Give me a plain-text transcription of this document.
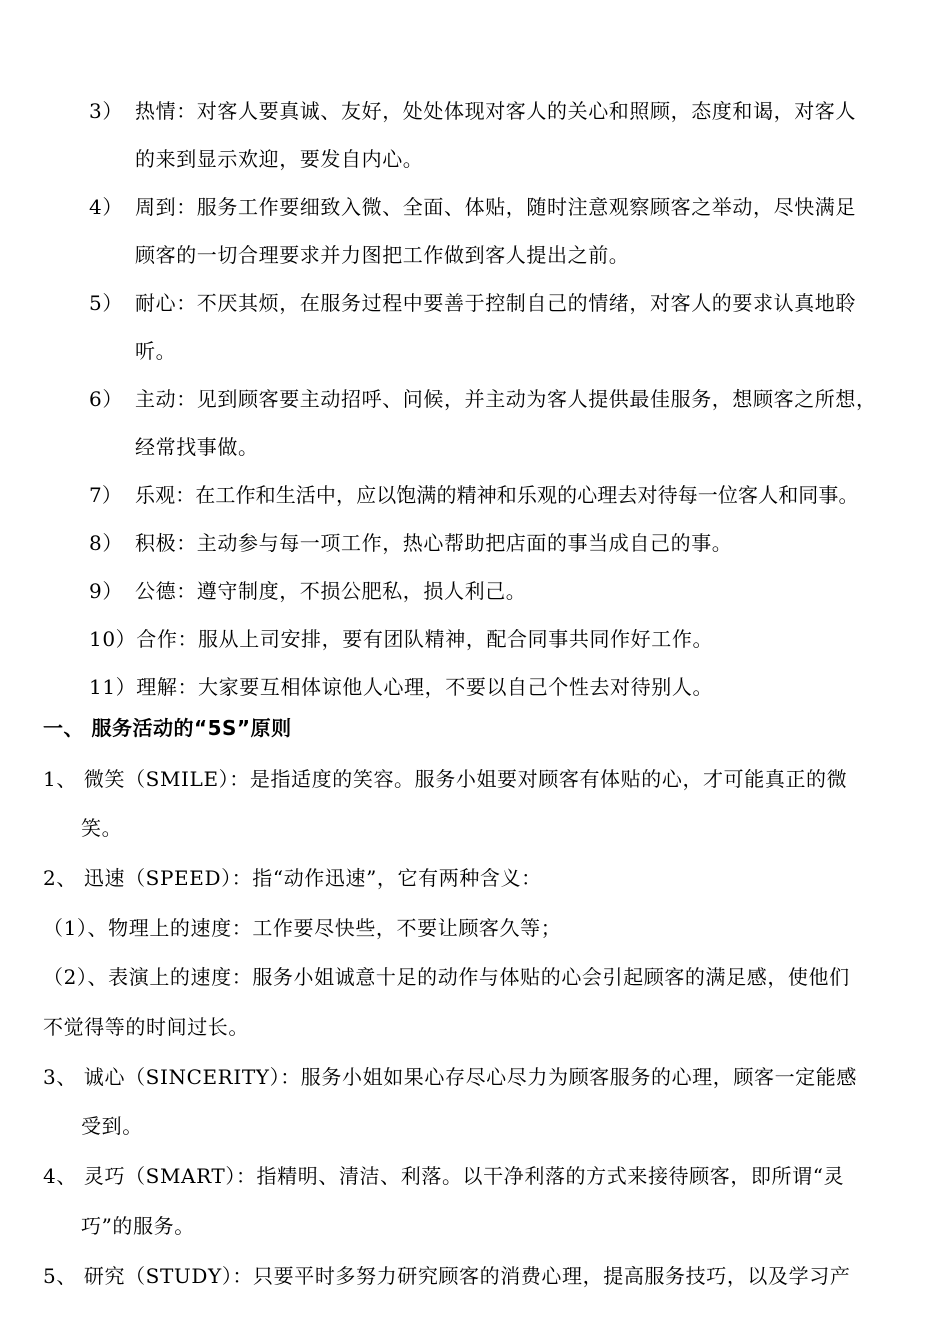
3） 热情：对客人要真诚、友好，处处体现对客人的关心和照顾，态度和谒，对客人
的来到显示欢迎，要发自内心。
4） 周到：服务工作要细致入微、全面、体贴，随时注意观察顾客之举动，尽快满足
顾客的一切合理要求并力图把工作做到客人提出之前。
5） 耐心：不厌其烦，在服务过程中要善于控制自己的情绪，对客人的要求认真地聆
听。
6） 主动：见到顾客要主动招呼、问候，并主动为客人提供最佳服务，想顾客之所想，
经常找事做。
7） 乐观：在工作和生活中，应以饱满的精神和乐观的心理去对待每一位客人和同事。
8） 积极：主动参与每一项工作，热心帮助把店面的事当成自己的事。
9） 公德：遵守制度，不损公肥私，损人利己。
10）合作：服从上司安排，要有团队精神，配合同事共同作好工作。
11）理解：大家要互相体谅他人心理，不要以自己个性去对待别人。
一、 服务活动的“5S”原则
1、 微笑（SMILE）：是指适度的笑容。服务小姐要对顾客有体贴的心，才可能真正的微
笑。
2、 迅速（SPEED）：指“动作迅速”，它有两种含义：
（1）、物理上的速度：工作要尽快些，不要让顾客久等；
（2）、表演上的速度：服务小姐诚意十足的动作与体贴的心会引起顾客的满足感，使他们
不觉得等的时间过长。
3、 诚心（SINCERITY）：服务小姐如果心存尽心尽力为顾客服务的心理，顾客一定能感
受到。
4、 灵巧（SMART）：指精明、清洁、利落。以干净利落的方式来接待顾客，即所谓“灵
巧”的服务。
5、 研究（STUDY）：只要平时多努力研究顾客的消费心理，提高服务技巧，以及学习产
